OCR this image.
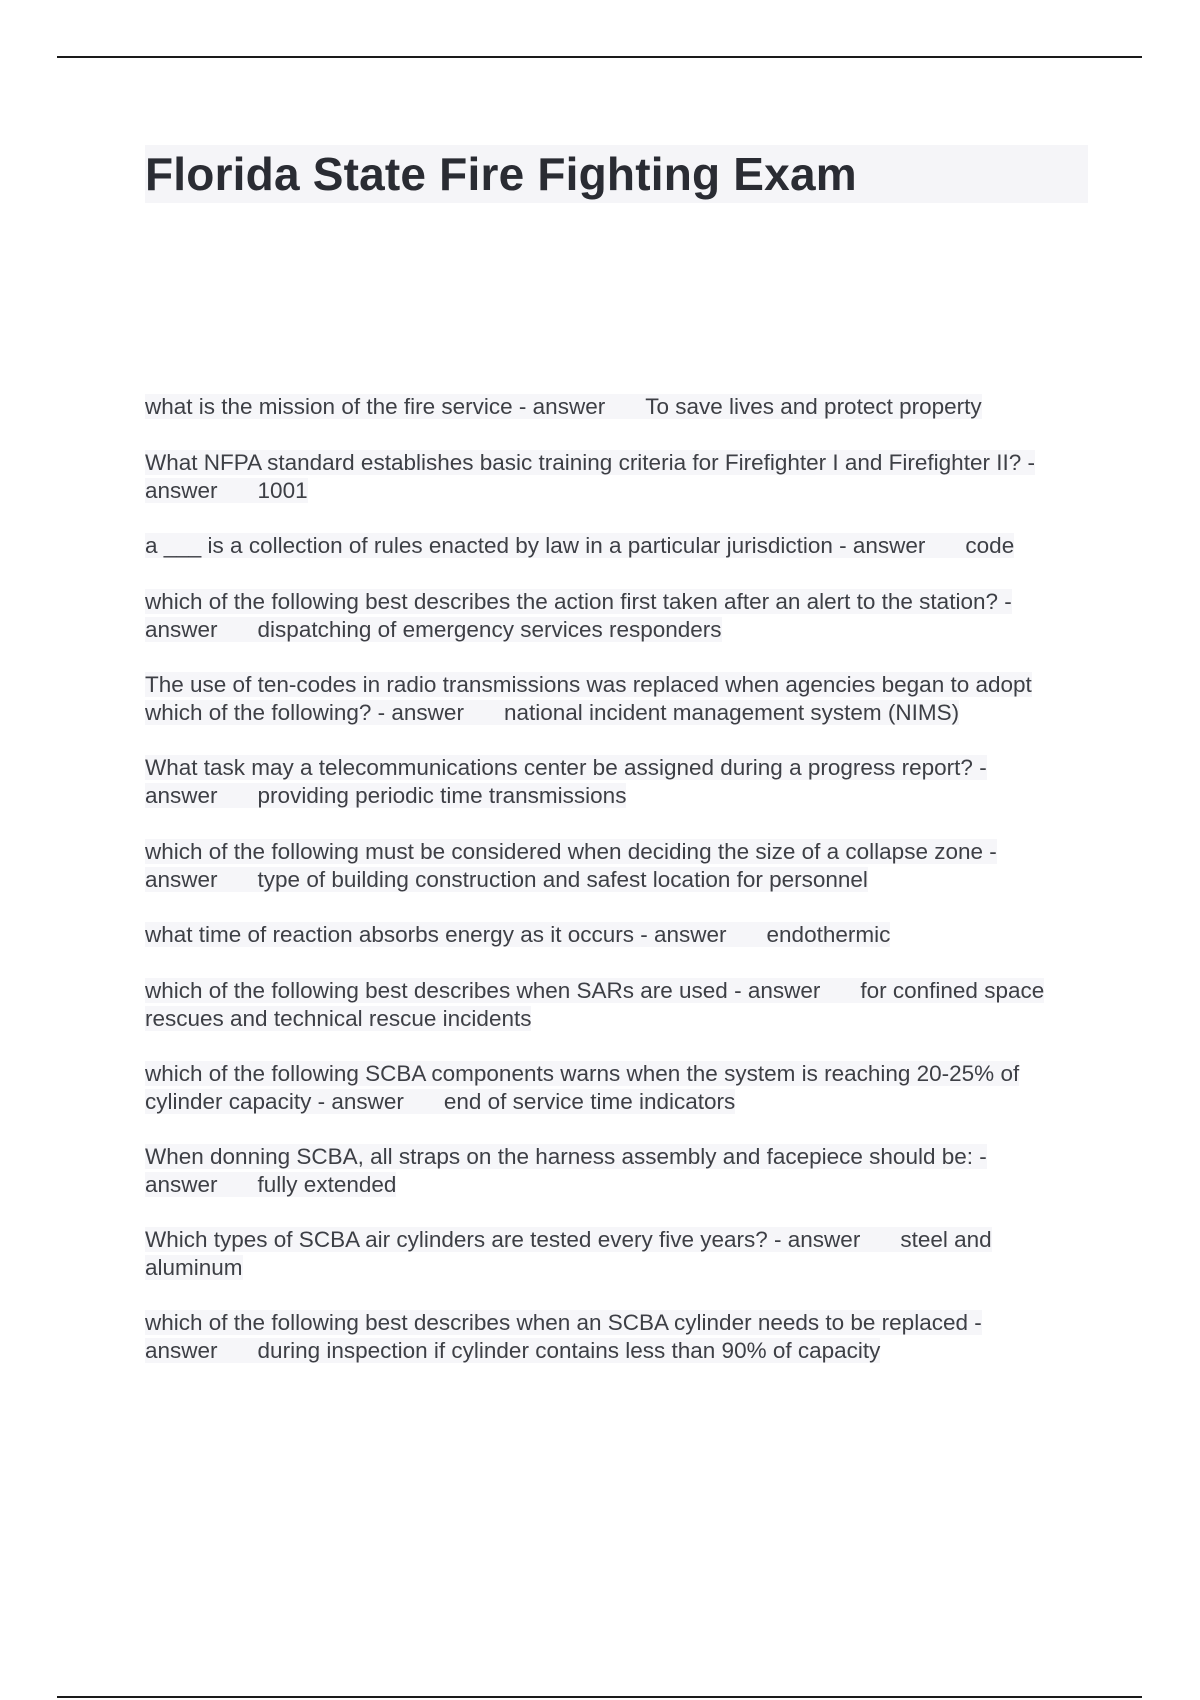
Florida State Fire Fighting Exam
what is the mission of the fire service - answer To save lives and protect property
What NFPA standard establishes basic training criteria for Firefighter I and Firefighter II? - answer 1001
a ___ is a collection of rules enacted by law in a particular jurisdiction - answer code
which of the following best describes the action first taken after an alert to the station? - answer dispatching of emergency services responders
The use of ten-codes in radio transmissions was replaced when agencies began to adopt which of the following? - answer national incident management system (NIMS)
What task may a telecommunications center be assigned during a progress report? - answer providing periodic time transmissions
which of the following must be considered when deciding the size of a collapse zone - answer type of building construction and safest location for personnel
what time of reaction absorbs energy as it occurs - answer endothermic
which of the following best describes when SARs are used - answer for confined space rescues and technical rescue incidents
which of the following SCBA components warns when the system is reaching 20-25% of cylinder capacity - answer end of service time indicators
When donning SCBA, all straps on the harness assembly and facepiece should be: - answer fully extended
Which types of SCBA air cylinders are tested every five years? - answer steel and aluminum
which of the following best describes when an SCBA cylinder needs to be replaced - answer during inspection if cylinder contains less than 90% of capacity
